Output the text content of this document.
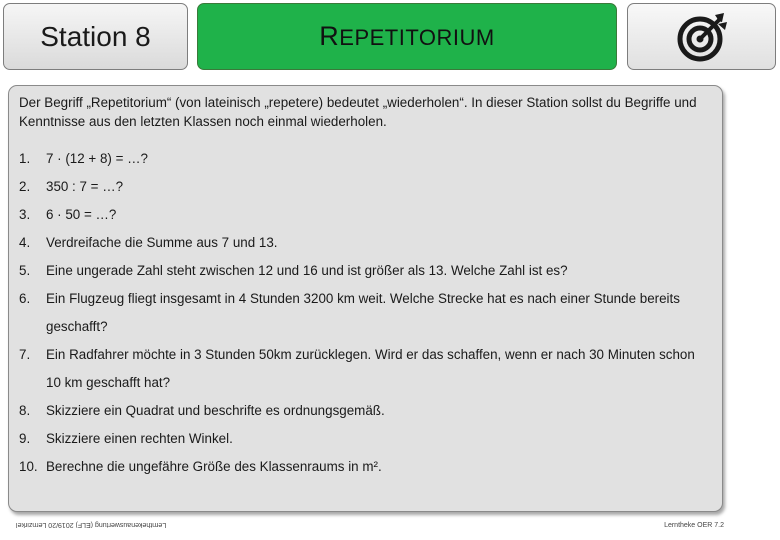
Station 8	REPETITORIUM

Der Begriff „Repetitorium“ (von lateinisch „repetere) bedeutet „wiederholen“. In dieser Station sollst du Begriffe und Kenntnisse aus den letzten Klassen noch einmal wiederholen.

1.	7 · (12 + 8) = …?
2.	350 : 7 = …?
3.	6 · 50 = …?
4.	Verdreifache die Summe aus 7 und 13.
5.	Eine ungerade Zahl steht zwischen 12 und 16 und ist größer als 13. Welche Zahl ist es?
6.	Ein Flugzeug fliegt insgesamt in 4 Stunden 3200 km weit. Welche Strecke hat es nach einer Stunde bereits geschafft?
7.	Ein Radfahrer möchte in 3 Stunden 50km zurücklegen. Wird er das schaffen, wenn er nach 30 Minuten schon 10 km geschafft hat?
8.	Skizziere ein Quadrat und beschrifte es ordnungsgemäß.
9.	Skizziere einen rechten Winkel.
10. Berechne die ungefähre Größe des Klassenraums in m².
Lernthekenauswertung (ELF) 2019/20 Lernzirkel	Lerntheke OER 7.2
